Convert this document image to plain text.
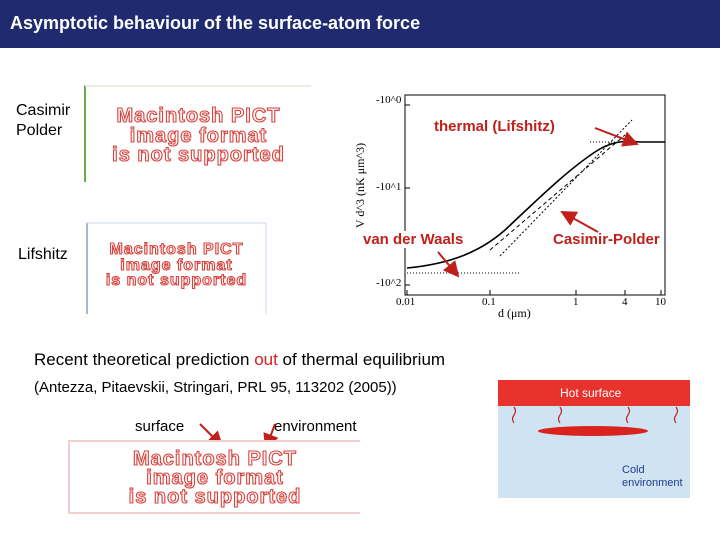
Asymptotic behaviour of the surface-atom force
Casimir Polder
Lifshitz
Macintosh PICT
image format
is not supported
Macintosh PICT
image format
is not supported
-10^0
-10^1
-10^2
0.01	0.1	1	4	10
d (μm)
V d^3 (nK μm^3)
thermal (Lifshitz)
van der Waals	Casimir-Polder
Recent theoretical prediction out of thermal equilibrium
(Antezza, Pitaevskii, Stringari, PRL 95, 113202 (2005))
surface	environment
Macintosh PICT
image format
is not supported
Hot surface
Cold
environment
